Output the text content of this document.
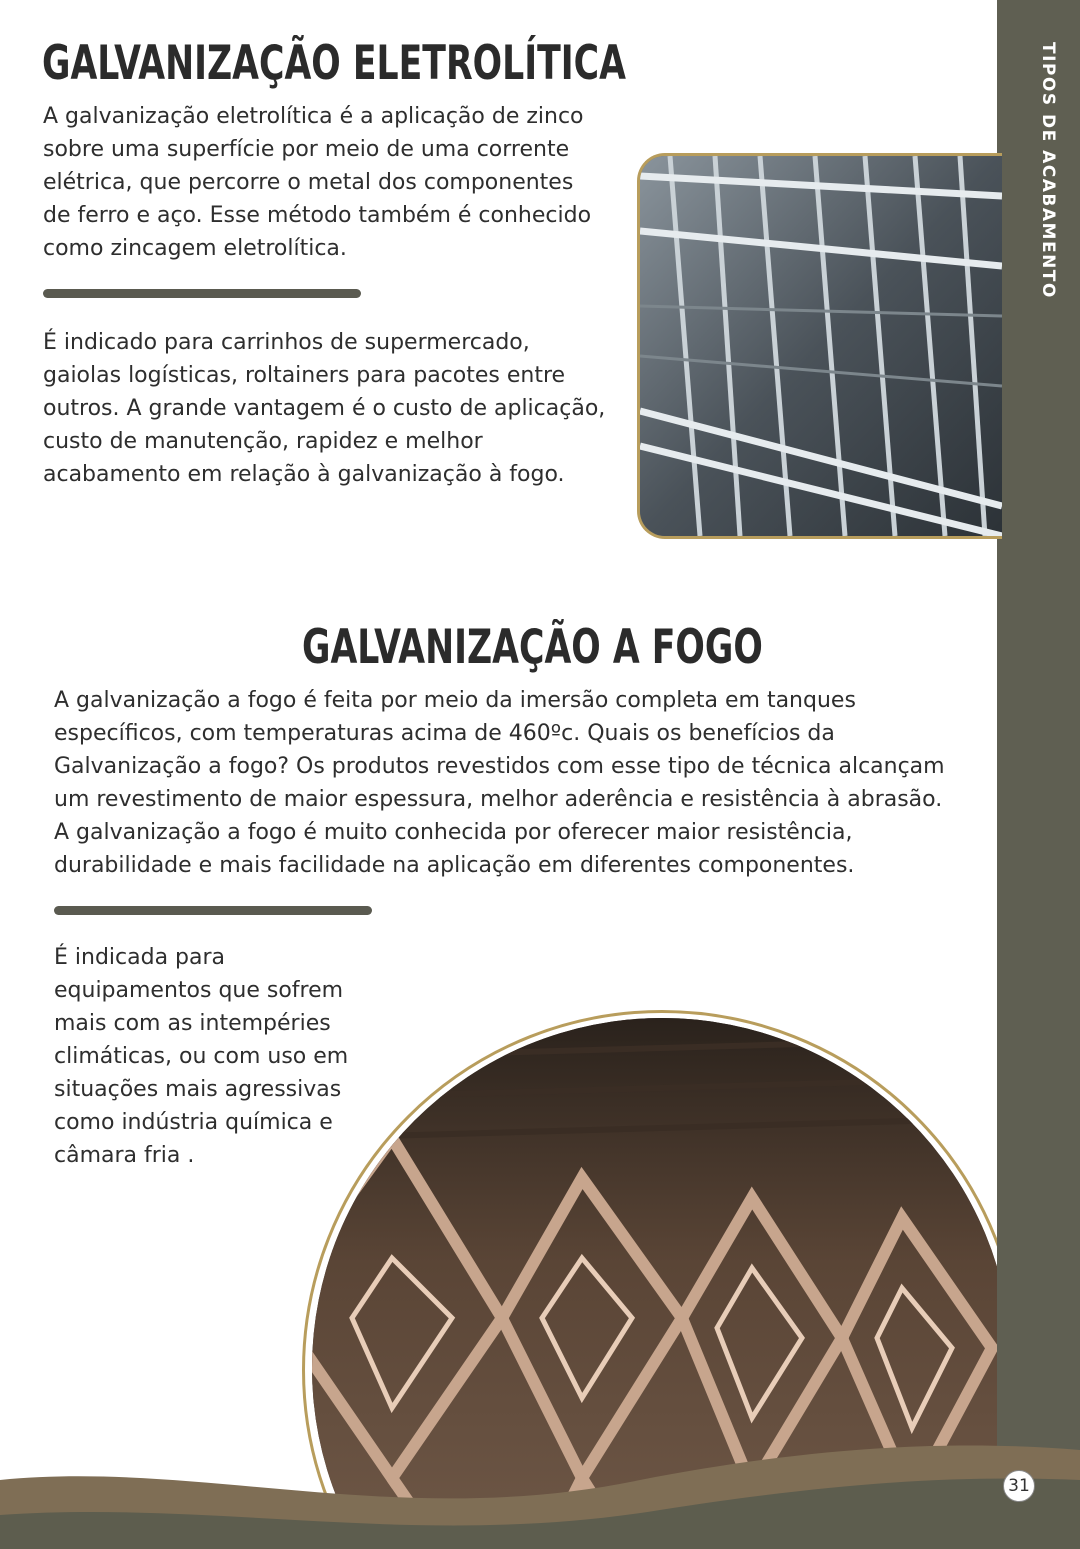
TIPOS DE ACABAMENTO
GALVANIZAÇÃO ELETROLÍTICA

A galvanização eletrolítica é a aplicação de zinco sobre uma superfície por meio de uma corrente elétrica, que percorre o metal dos componentes de ferro e aço. Esse método também é conhecido como zincagem eletrolítica.

É indicado para carrinhos de supermercado, gaiolas logísticas, roltainers para pacotes entre outros. A grande vantagem é o custo de aplicação, custo de manutenção, rapidez e melhor acabamento em relação à galvanização à fogo.

GALVANIZAÇÃO A FOGO

A galvanização a fogo é feita por meio da imersão completa em tanques específicos, com temperaturas acima de 460ºc. Quais os benefícios da Galvanização a fogo? Os produtos revestidos com esse tipo de técnica alcançam um revestimento de maior espessura, melhor aderência e resistência à abrasão. A galvanização a fogo é muito conhecida por oferecer maior resistência, durabilidade e mais facilidade na aplicação em diferentes componentes.

É indicada para equipamentos que sofrem mais com as intempéries climáticas, ou com uso em situações mais agressivas como indústria química e câmara fria .

31
